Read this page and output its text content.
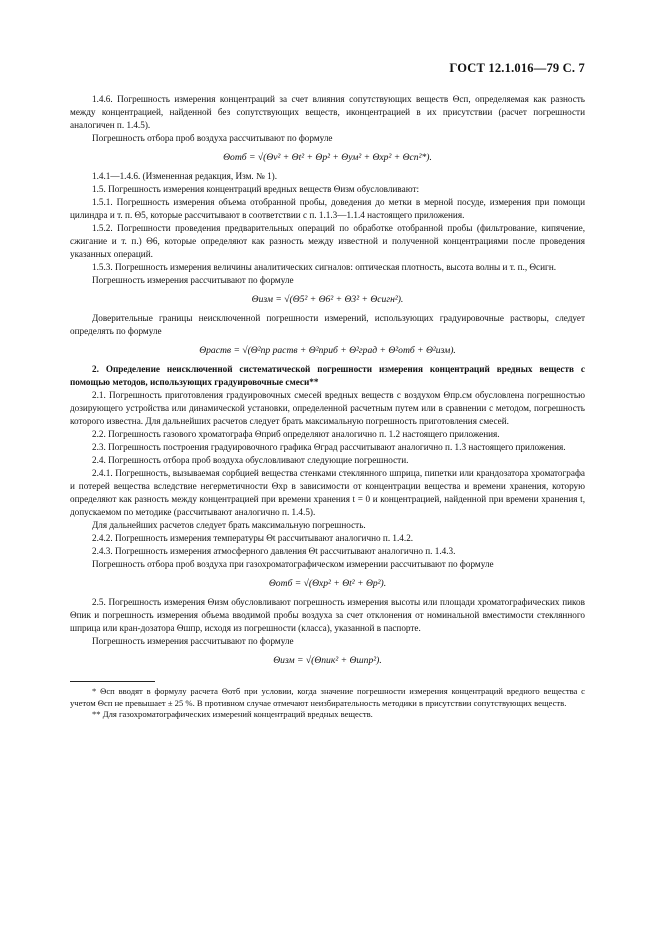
ГОСТ 12.1.016—79 С. 7

1.4.6. Погрешность измерения концентраций за счет влияния сопутствующих веществ Θсп, определяемая как разность между концентрацией, найденной без сопутствующих веществ, иконцентрацией в их присутствии (расчет погрешности аналогичен п. 1.4.5).

Погрешность отбора проб воздуха рассчитывают по формуле

Θотб = √(Θv² + Θt² + Θp² + Θум² + Θхр² + Θсп²*).

1.4.1—1.4.6. (Измененная редакция, Изм. № 1).

1.5. Погрешность измерения концентраций вредных веществ Θизм обусловливают:

1.5.1. Погрешность измерения объема отобранной пробы, доведения до метки в мерной посуде, измерения при помощи цилиндра и т. п. Θ5, которые рассчитывают в соответствии с п. 1.1.3—1.1.4 настоящего приложения.

1.5.2. Погрешности проведения предварительных операций по обработке отобранной пробы (фильтрование, кипячение, сжигание и т. п.) Θ6, которые определяют как разность между известной и полученной концентрациями после проведения указанных операций.

1.5.3. Погрешность измерения величины аналитических сигналов: оптическая плотность, высота волны и т. п., Θсигн.

Погрешность измерения рассчитывают по формуле

Θизм = √(Θ5² + Θ6² + Θ3² + Θсигн²).

Доверительные границы неисключенной погрешности измерений, использующих градуировочные растворы, следует определять по формуле

Θраств = √(Θ²пр раств + Θ²приб + Θ²град + Θ²отб + Θ²изм).

2. Определение неисключенной систематической погрешности измерения концентраций вредных веществ с помощью методов, использующих градуировочные смеси**

2.1. Погрешность приготовления градуировочных смесей вредных веществ с воздухом Θпр.см обусловлена погрешностью дозирующего устройства или динамической установки, определенной расчетным путем или в сравнении с методом, погрешность которого известна. Для дальнейших расчетов следует брать максимальную погрешность приготовления смесей.

2.2. Погрешность газового хроматографа Θприб определяют аналогично п. 1.2 настоящего приложения.

2.3. Погрешность построения градуировочного графика Θград рассчитывают аналогично п. 1.3 настоящего приложения.

2.4. Погрешность отбора проб воздуха обусловливают следующие погрешности.

2.4.1. Погрешность, вызываемая сорбцией вещества стенками стеклянного шприца, пипетки или крандозатора хроматографа и потерей вещества вследствие негерметичности Θхр в зависимости от концентрации вещества и времени хранения, которую определяют как разность между концентрацией при времени хранения t = 0 и концентрацией, найденной при времени хранения t, допускаемом по методике (рассчитывают аналогично п. 1.4.5).

Для дальнейших расчетов следует брать максимальную погрешность.

2.4.2. Погрешность измерения температуры Θt рассчитывают аналогично п. 1.4.2.

2.4.3. Погрешность измерения атмосферного давления Θt рассчитывают аналогично п. 1.4.3.

Погрешность отбора проб воздуха при газохроматографическом измерении рассчитывают по формуле

Θотб = √(Θхр² + Θt² + Θр²).

2.5. Погрешность измерения Θизм обусловливают погрешность измерения высоты или площади хроматографических пиков Θпик и погрешность измерения объема вводимой пробы воздуха за счет отклонения от номинальной вместимости стеклянного шприца или кран-дозатора Θшпр, исходя из погрешности (класса), указанной в паспорте.

Погрешность измерения рассчитывают по формуле

Θизм = √(Θпик² + Θшпр²).

* Θсп вводят в формулу расчета Θотб при условии, когда значение погрешности измерения концентраций вредного вещества с учетом Θсп не превышает ± 25 %. В противном случае отмечают неизбирательность методики в присутствии сопутствующих веществ.

** Для газохроматографических измерений концентраций вредных веществ.
